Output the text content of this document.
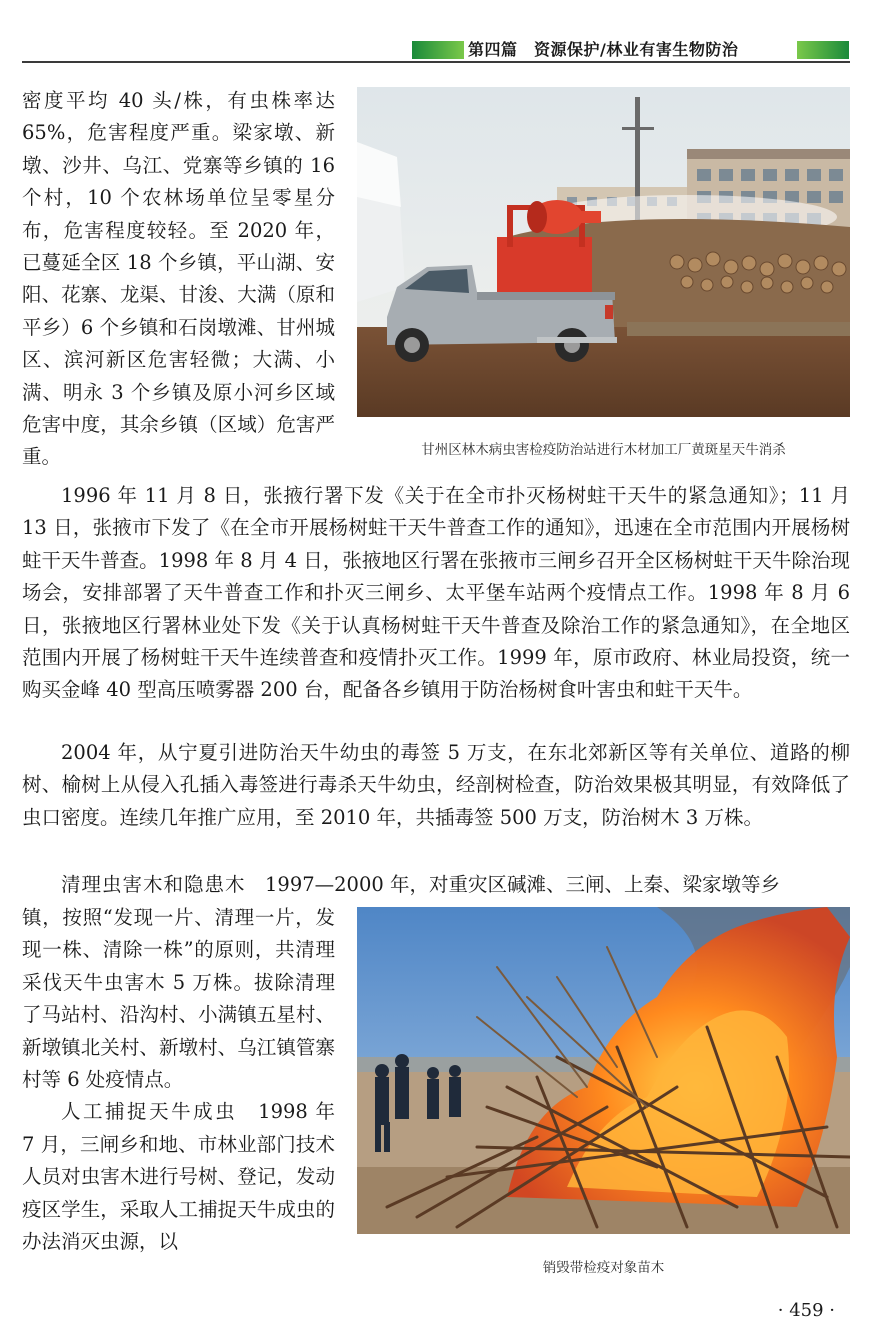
第四篇　资源保护/林业有害生物防治
密度平均 40 头/株，有虫株率达 65%，危害程度严重。梁家墩、新墩、沙井、乌江、党寨等乡镇的 16 个村，10 个农林场单位呈零星分布，危害程度较轻。至 2020 年，已蔓延全区 18 个乡镇，平山湖、安阳、花寨、龙渠、甘浚、大满（原和平乡）6 个乡镇和石岗墩滩、甘州城区、滨河新区危害轻微；大满、小满、明永 3 个乡镇及原小河乡区域危害中度，其余乡镇（区域）危害严重。	甘州区林木病虫害检疫防治站进行木材加工厂黄斑星天牛消杀
1996 年 11 月 8 日，张掖行署下发《关于在全市扑灭杨树蛀干天牛的紧急通知》；11 月 13 日，张掖市下发了《在全市开展杨树蛀干天牛普查工作的通知》，迅速在全市范围内开展杨树蛀干天牛普查。1998 年 8 月 4 日，张掖地区行署在张掖市三闸乡召开全区杨树蛀干天牛除治现场会，安排部署了天牛普查工作和扑灭三闸乡、太平堡车站两个疫情点工作。1998 年 8 月 6 日，张掖地区行署林业处下发《关于认真杨树蛀干天牛普查及除治工作的紧急通知》，在全地区范围内开展了杨树蛀干天牛连续普查和疫情扑灭工作。1999 年，原市政府、林业局投资，统一购买金峰 40 型高压喷雾器 200 台，配备各乡镇用于防治杨树食叶害虫和蛀干天牛。
2004 年，从宁夏引进防治天牛幼虫的毒签 5 万支，在东北郊新区等有关单位、道路的柳树、榆树上从侵入孔插入毒签进行毒杀天牛幼虫，经剖树检查，防治效果极其明显，有效降低了虫口密度。连续几年推广应用，至 2010 年，共插毒签 500 万支，防治树木 3 万株。
清理虫害木和隐患木　1997—2000 年，对重灾区碱滩、三闸、上秦、梁家墩等乡

镇，按照“发现一片、清理一片，发现一株、清除一株”的原则，共清理采伐天牛虫害木 5 万株。拔除清理了马站村、沿沟村、小满镇五星村、新墩镇北关村、新墩村、乌江镇管寨村等 6 处疫情点。

人工捕捉天牛成虫　1998 年 7 月，三闸乡和地、市林业部门技术人员对虫害木进行号树、登记，发动疫区学生，采取人工捕捉天牛成虫的办法消灭虫源，以

销毁带检疫对象苗木
· 459 ·
